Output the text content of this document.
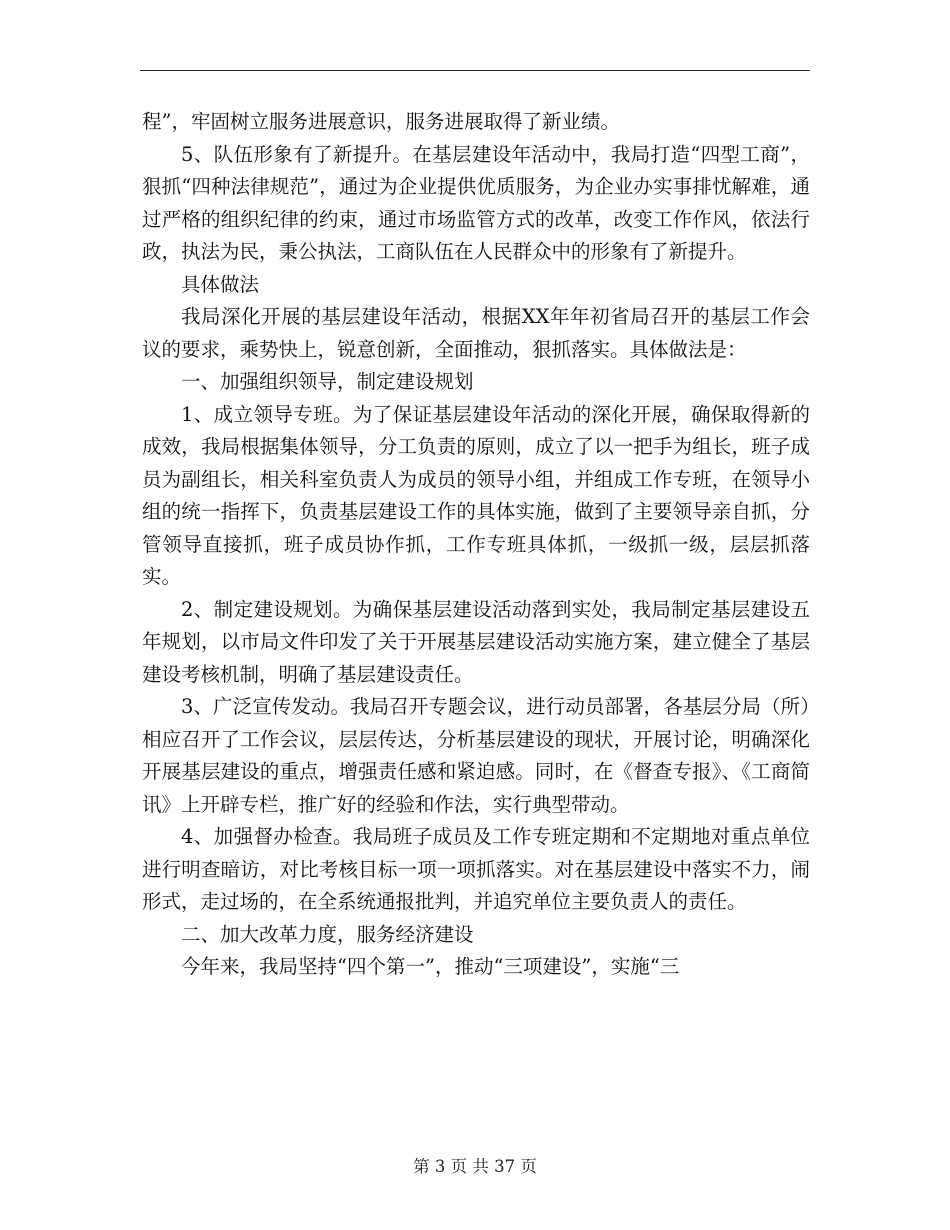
程”，牢固树立服务进展意识，服务进展取得了新业绩。

5、队伍形象有了新提升。在基层建设年活动中，我局打造“四型工商”，狠抓“四种法律规范”，通过为企业提供优质服务，为企业办实事排忧解难，通过严格的组织纪律的约束，通过市场监管方式的改革，改变工作作风，依法行政，执法为民，秉公执法，工商队伍在人民群众中的形象有了新提升。

具体做法

我局深化开展的基层建设年活动，根据XX年年初省局召开的基层工作会议的要求，乘势快上，锐意创新，全面推动，狠抓落实。具体做法是：

一、加强组织领导，制定建设规划

1、成立领导专班。为了保证基层建设年活动的深化开展，确保取得新的成效，我局根据集体领导，分工负责的原则，成立了以一把手为组长，班子成员为副组长，相关科室负责人为成员的领导小组，并组成工作专班，在领导小组的统一指挥下，负责基层建设工作的具体实施，做到了主要领导亲自抓，分管领导直接抓，班子成员协作抓，工作专班具体抓，一级抓一级，层层抓落实。

2、制定建设规划。为确保基层建设活动落到实处，我局制定基层建设五年规划，以市局文件印发了关于开展基层建设活动实施方案，建立健全了基层建设考核机制，明确了基层建设责任。

3、广泛宣传发动。我局召开专题会议，进行动员部署，各基层分局（所）相应召开了工作会议，层层传达，分析基层建设的现状，开展讨论，明确深化开展基层建设的重点，增强责任感和紧迫感。同时，在《督查专报》、《工商简讯》上开辟专栏，推广好的经验和作法，实行典型带动。

4、加强督办检查。我局班子成员及工作专班定期和不定期地对重点单位进行明查暗访，对比考核目标一项一项抓落实。对在基层建设中落实不力，闹形式，走过场的，在全系统通报批判，并追究单位主要负责人的责任。

二、加大改革力度，服务经济建设

今年来，我局坚持“四个第一”，推动“三项建设”，实施“三

第 3 页 共 37 页
